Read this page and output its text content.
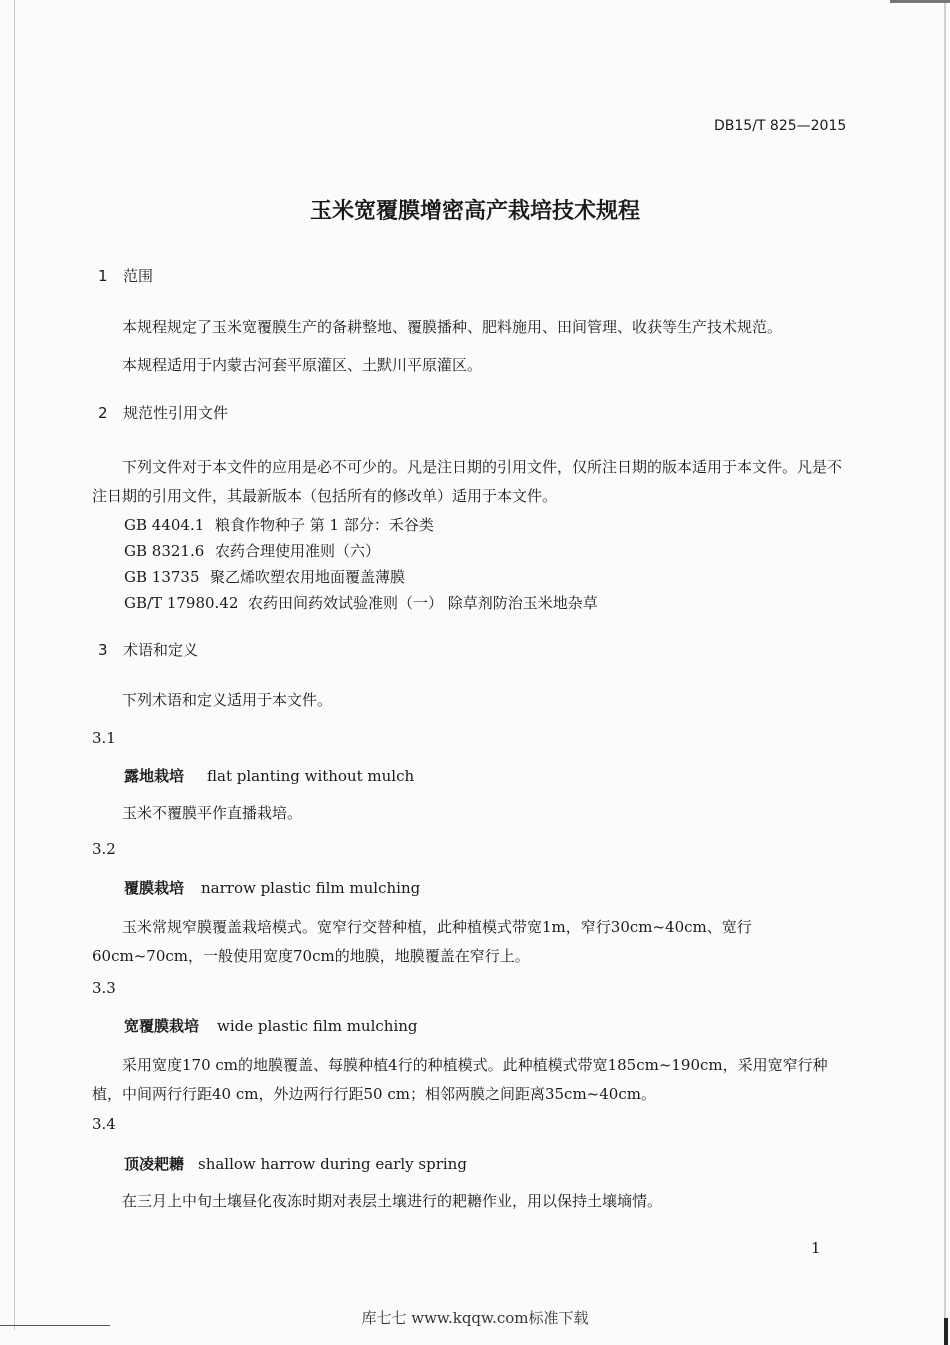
DB15/T 825—2015
玉米宽覆膜增密高产栽培技术规程
1 范围
本规程规定了玉米宽覆膜生产的备耕整地、覆膜播种、肥料施用、田间管理、收获等生产技术规范。
本规程适用于内蒙古河套平原灌区、土默川平原灌区。
2 规范性引用文件
下列文件对于本文件的应用是必不可少的。凡是注日期的引用文件，仅所注日期的版本适用于本文件。凡是不注日期的引用文件，其最新版本（包括所有的修改单）适用于本文件。
GB 4404.1 粮食作物种子 第 1 部分：禾谷类
GB 8321.6 农药合理使用准则（六）
GB 13735 聚乙烯吹塑农用地面覆盖薄膜
GB/T 17980.42 农药田间药效试验准则（一） 除草剂防治玉米地杂草
3 术语和定义
下列术语和定义适用于本文件。
3.1
露地栽培 flat planting without mulch
玉米不覆膜平作直播栽培。
3.2
覆膜栽培 narrow plastic film mulching
玉米常规窄膜覆盖栽培模式。宽窄行交替种植，此种植模式带宽1m，窄行30cm~40cm、宽行60cm~70cm，一般使用宽度70cm的地膜，地膜覆盖在窄行上。
3.3
宽覆膜栽培 wide plastic film mulching
采用宽度170 cm的地膜覆盖、每膜种植4行的种植模式。此种植模式带宽185cm~190cm，采用宽窄行种植，中间两行行距40 cm，外边两行行距50 cm；相邻两膜之间距离35cm~40cm。
3.4
顶凌耙耱 shallow harrow during early spring
在三月上中旬土壤昼化夜冻时期对表层土壤进行的耙耱作业，用以保持土壤墒情。
1
库七七 www.kqqw.com标准下载
